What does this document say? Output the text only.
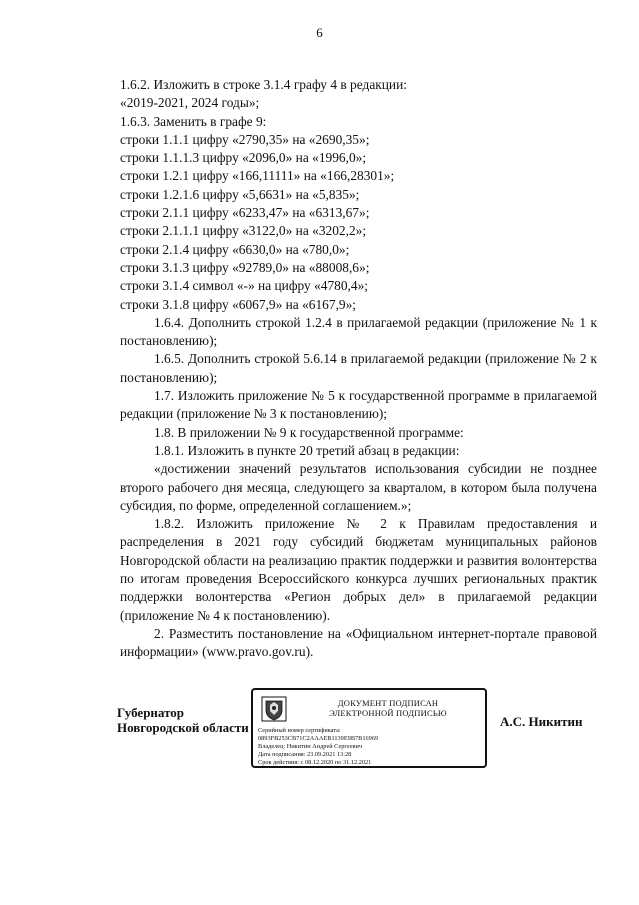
6

1.6.2. Изложить в строке 3.1.4 графу 4 в редакции:

«2019-2021, 2024 годы»;

1.6.3. Заменить в графе 9:

строки 1.1.1 цифру «2790,35» на «2690,35»;

строки 1.1.1.3 цифру «2096,0» на «1996,0»;

строки 1.2.1 цифру «166,11111» на «166,28301»;

строки 1.2.1.6 цифру «5,6631» на «5,835»;

строки 2.1.1 цифру «6233,47» на «6313,67»;

строки 2.1.1.1 цифру «3122,0» на «3202,2»;

строки 2.1.4 цифру «6630,0» на «780,0»;

строки 3.1.3 цифру «92789,0» на «88008,6»;

строки 3.1.4 символ «-» на цифру «4780,4»;

строки 3.1.8 цифру «6067,9» на «6167,9»;

1.6.4. Дополнить строкой 1.2.4 в прилагаемой редакции (приложение № 1 к постановлению);

1.6.5. Дополнить строкой 5.6.14 в прилагаемой редакции (приложение № 2 к постановлению);

1.7. Изложить приложение № 5 к государственной программе в прилагаемой редакции (приложение № 3 к постановлению);

1.8. В приложении № 9 к государственной программе:

1.8.1. Изложить в пункте 20 третий абзац в редакции:

«достижении значений результатов использования субсидии не позднее второго рабочего дня месяца, следующего за кварталом, в котором была получена субсидия, по форме, определенной соглашением.»;

1.8.2. Изложить приложение № 2 к Правилам предоставления и распределения в 2021 году субсидий бюджетам муниципальных районов Новгородской области на реализацию практик поддержки и развития волонтерства по итогам проведения Всероссийского конкурса лучших региональных практик поддержки волонтерства «Регион добрых дел» в прилагаемой редакции (приложение № 4 к постановлению).

2. Разместить постановление на «Официальном интернет-портале правовой информации» (www.pravo.gov.ru).

Губернатор
Новгородской области
ДОКУМЕНТ ПОДПИСАН
ЭЛЕКТРОННОЙ ПОДПИСЬЮ
Серийный номер сертификата:
0893FB253CB71C2AAAEB1139E9B7B16969
Владелец: Никитин Андрей Сергеевич
Дата подписания: 23.09.2021 13:28
Срок действия: с 08.12.2020 по 31.12.2021
А.С. Никитин
